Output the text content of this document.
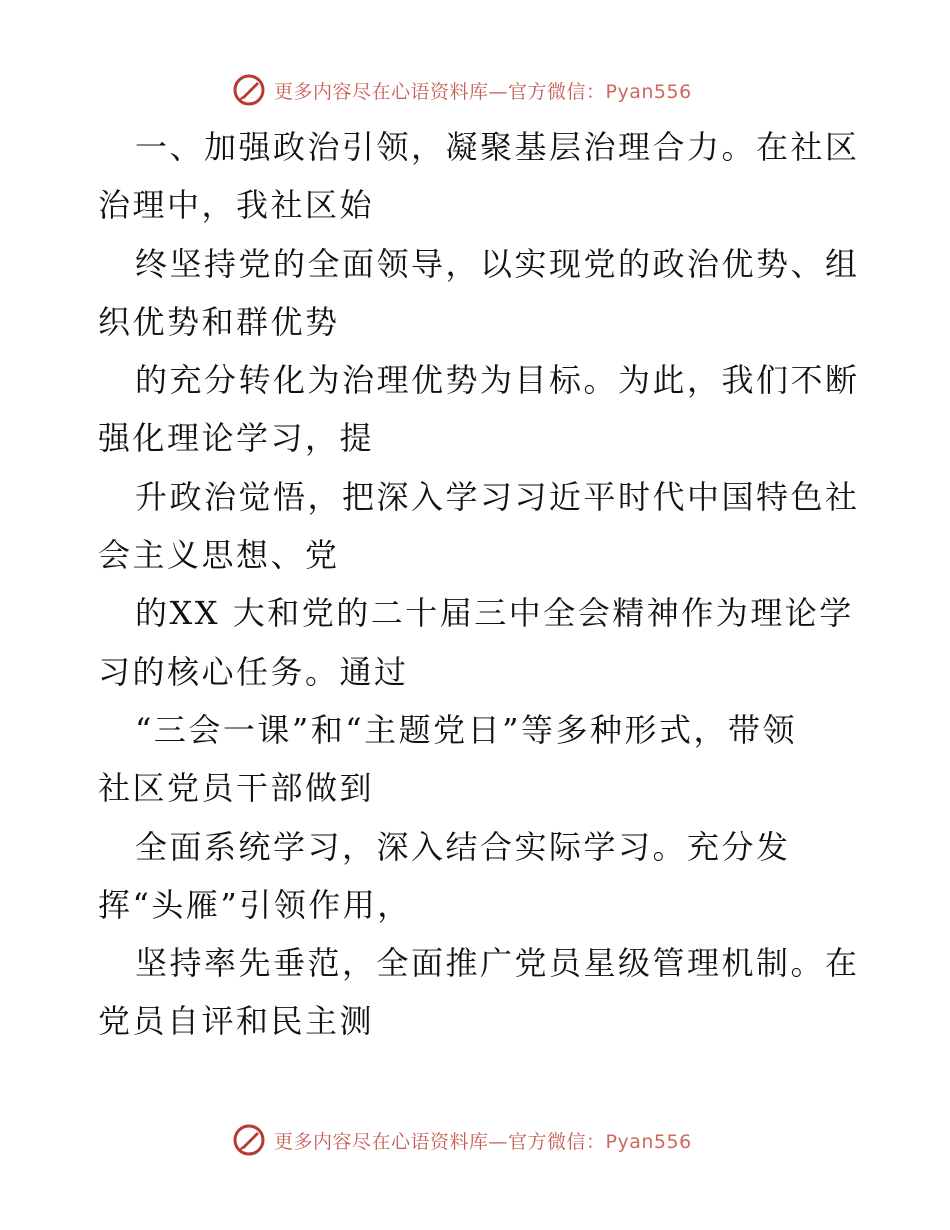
更多内容尽在心语资料库—官方微信：Pyan556
一、加强政治引领，凝聚基层治理合力。在社区
治理中，我社区始
终坚持党的全面领导，以实现党的政治优势、组
织优势和群优势
的充分转化为治理优势为目标。为此，我们不断
强化理论学习，提
升政治觉悟，把深入学习习近平时代中国特色社
会主义思想、党
的XX 大和党的二十届三中全会精神作为理论学
习的核心任务。通过
“三会一课”和“主题党日”等多种形式，带领
社区党员干部做到
全面系统学习，深入结合实际学习。充分发
挥“头雁”引领作用，
坚持率先垂范，全面推广党员星级管理机制。在
党员自评和民主测
更多内容尽在心语资料库—官方微信：Pyan556
